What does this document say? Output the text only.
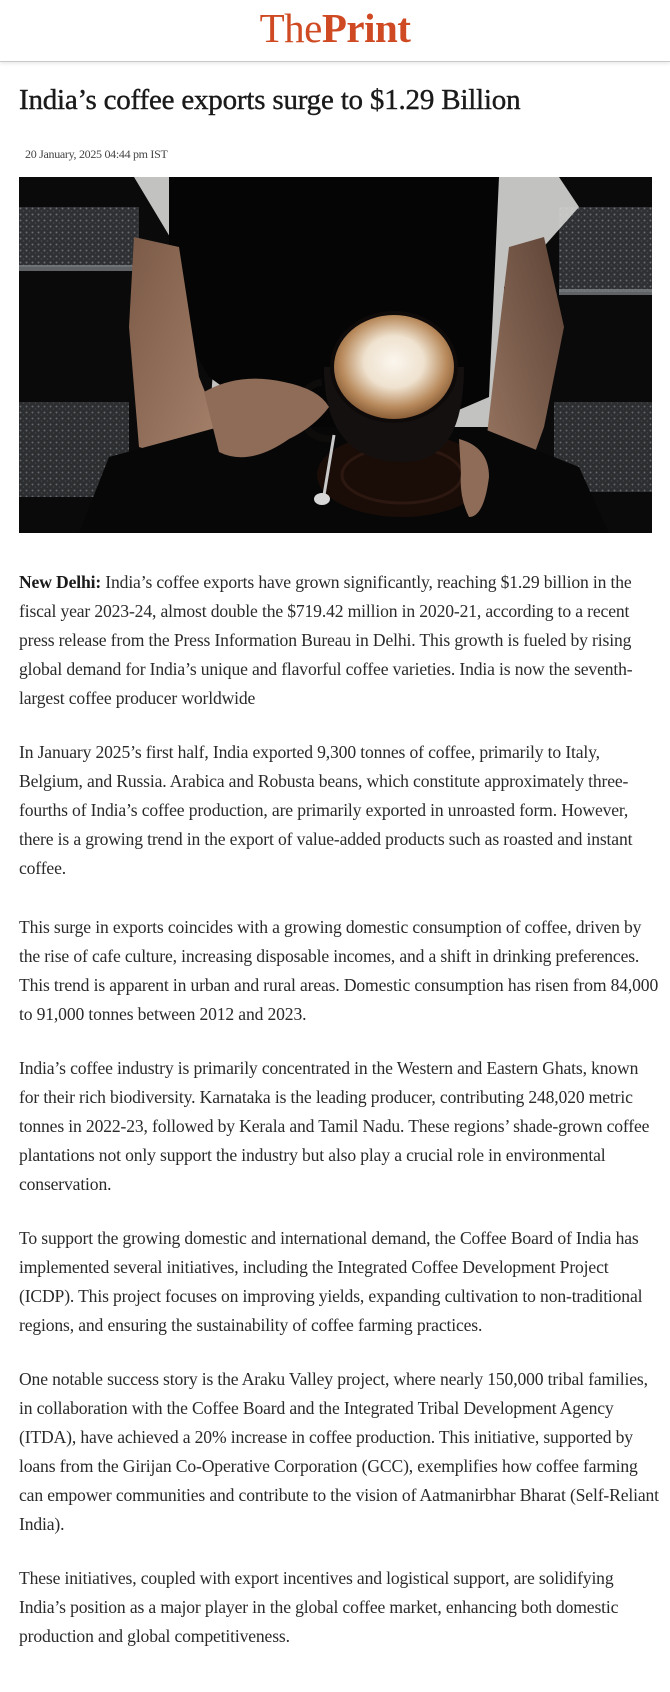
ThePrint
India’s coffee exports surge to $1.29 Billion
20 January, 2025 04:44 pm IST

New Delhi: India’s coffee exports have grown significantly, reaching $1.29 billion in the fiscal year 2023-24, almost double the $719.42 million in 2020-21, according to a recent press release from the Press Information Bureau in Delhi. This growth is fueled by rising global demand for India’s unique and flavorful coffee varieties. India is now the seventh-largest coffee producer worldwide

In January 2025’s first half, India exported 9,300 tonnes of coffee, primarily to Italy, Belgium, and Russia. Arabica and Robusta beans, which constitute approximately three-fourths of India’s coffee production, are primarily exported in unroasted form. However, there is a growing trend in the export of value-added products such as roasted and instant coffee.

This surge in exports coincides with a growing domestic consumption of coffee, driven by the rise of cafe culture, increasing disposable incomes, and a shift in drinking preferences. This trend is apparent in urban and rural areas. Domestic consumption has risen from 84,000 to 91,000 tonnes between 2012 and 2023.

India’s coffee industry is primarily concentrated in the Western and Eastern Ghats, known for their rich biodiversity. Karnataka is the leading producer, contributing 248,020 metric tonnes in 2022-23, followed by Kerala and Tamil Nadu. These regions’ shade-grown coffee plantations not only support the industry but also play a crucial role in environmental conservation.

To support the growing domestic and international demand, the Coffee Board of India has implemented several initiatives, including the Integrated Coffee Development Project (ICDP). This project focuses on improving yields, expanding cultivation to non-traditional regions, and ensuring the sustainability of coffee farming practices.

One notable success story is the Araku Valley project, where nearly 150,000 tribal families, in collaboration with the Coffee Board and the Integrated Tribal Development Agency (ITDA), have achieved a 20% increase in coffee production. This initiative, supported by loans from the Girijan Co-Operative Corporation (GCC), exemplifies how coffee farming can empower communities and contribute to the vision of Aatmanirbhar Bharat (Self-Reliant India).

These initiatives, coupled with export incentives and logistical support, are solidifying India’s position as a major player in the global coffee market, enhancing both domestic production and global competitiveness.
